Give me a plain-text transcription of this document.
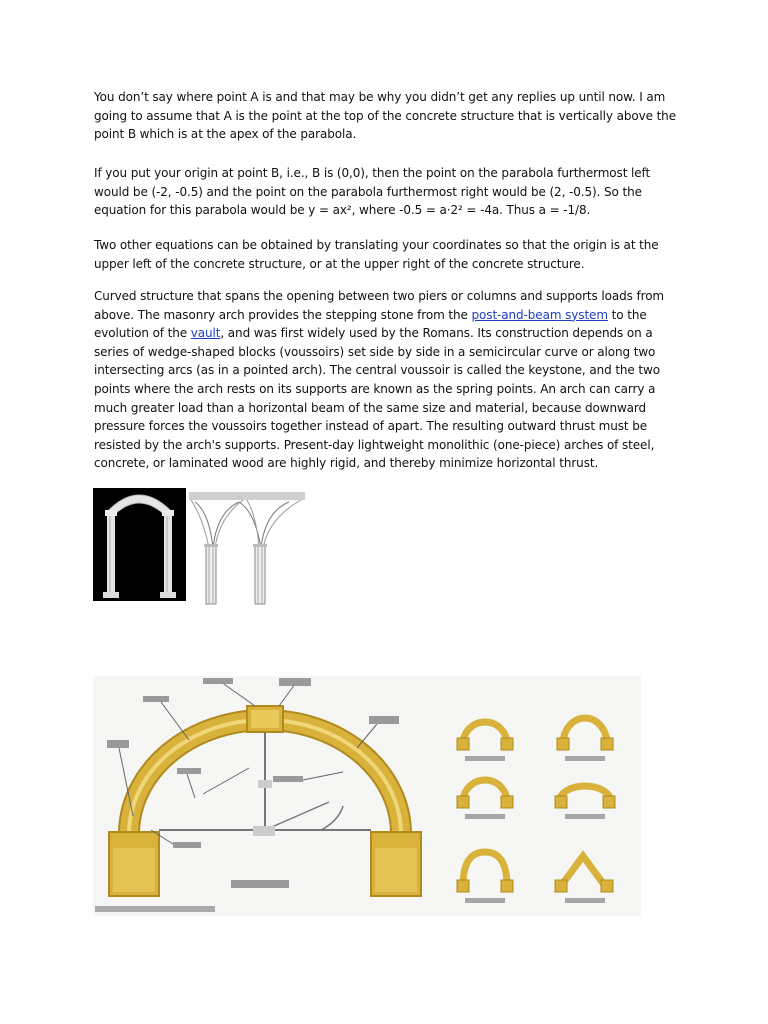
You don’t say where point A is and that may be why you didn’t get any replies up until now. I am going to assume that A is the point at the top of the concrete structure that is vertically above the point B which is at the apex of the parabola.

If you put your origin at point B, i.e., B is (0,0), then the point on the parabola furthermost left would be (-2, -0.5) and the point on the parabola furthermost right would be (2, -0.5). So the equation for this parabola would be y = ax², where -0.5 = a·2² = -4a. Thus a = -1/8.

Two other equations can be obtained by translating your coordinates so that the origin is at the upper left of the concrete structure, or at the upper right of the concrete structure.

Curved structure that spans the opening between two piers or columns and supports loads from above. The masonry arch provides the stepping stone from the post-and-beam system to the evolution of the vault, and was first widely used by the Romans. Its construction depends on a series of wedge-shaped blocks (voussoirs) set side by side in a semicircular curve or along two intersecting arcs (as in a pointed arch). The central voussoir is called the keystone, and the two points where the arch rests on its supports are known as the spring points. An arch can carry a much greater load than a horizontal beam of the same size and material, because downward pressure forces the voussoirs together instead of apart. The resulting outward thrust must be resisted by the arch's supports. Present-day lightweight monolithic (one-piece) arches of steel, concrete, or laminated wood are highly rigid, and thereby minimize horizontal thrust.
